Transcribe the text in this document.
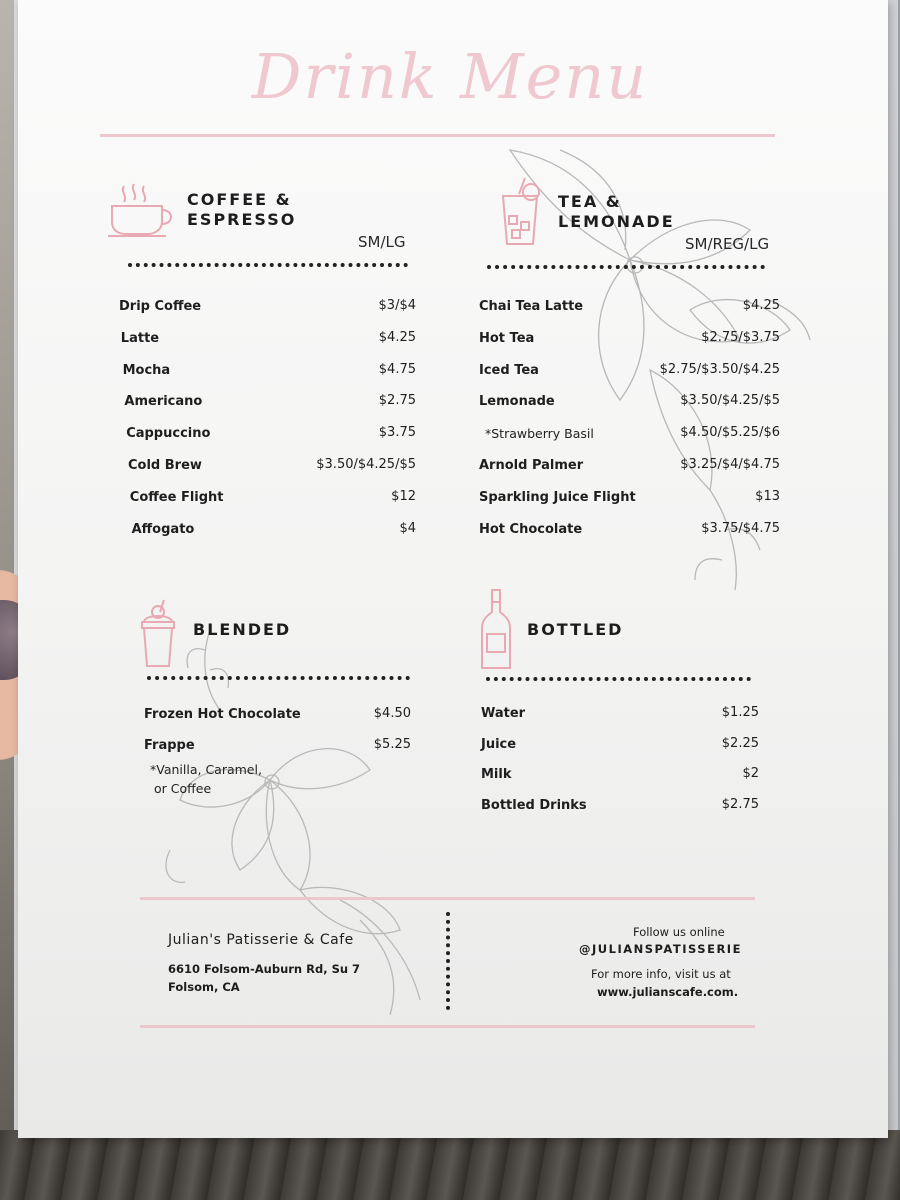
Drink Menu
COFFEE &
ESPRESSO
SM/LG
Drip Coffee	$3/$4
Latte	$4.25
Mocha	$4.75
Americano	$2.75
Cappuccino	$3.75
Cold Brew	$3.50/$4.25/$5
Coffee Flight	$12
Affogato	$4
TEA &
LEMONADE
SM/REG/LG
Chai Tea Latte	$4.25
Hot Tea	$2.75/$3.75
Iced Tea	$2.75/$3.50/$4.25
Lemonade	$3.50/$4.25/$5
*Strawberry Basil	$4.50/$5.25/$6
Arnold Palmer	$3.25/$4/$4.75
Sparkling Juice Flight	$13
Hot Chocolate	$3.75/$4.75
BLENDED
Frozen Hot Chocolate	$4.50
Frappe	$5.25
*Vanilla, Caramel,
or Coffee
BOTTLED
Water	$1.25
Juice	$2.25
Milk	$2
Bottled Drinks	$2.75
Julian's Patisserie & Cafe
6610 Folsom-Auburn Rd, Su 7
Folsom, CA
Follow us online
@JULIANSPATISSERIE
For more info, visit us at
www.julianscafe.com.
